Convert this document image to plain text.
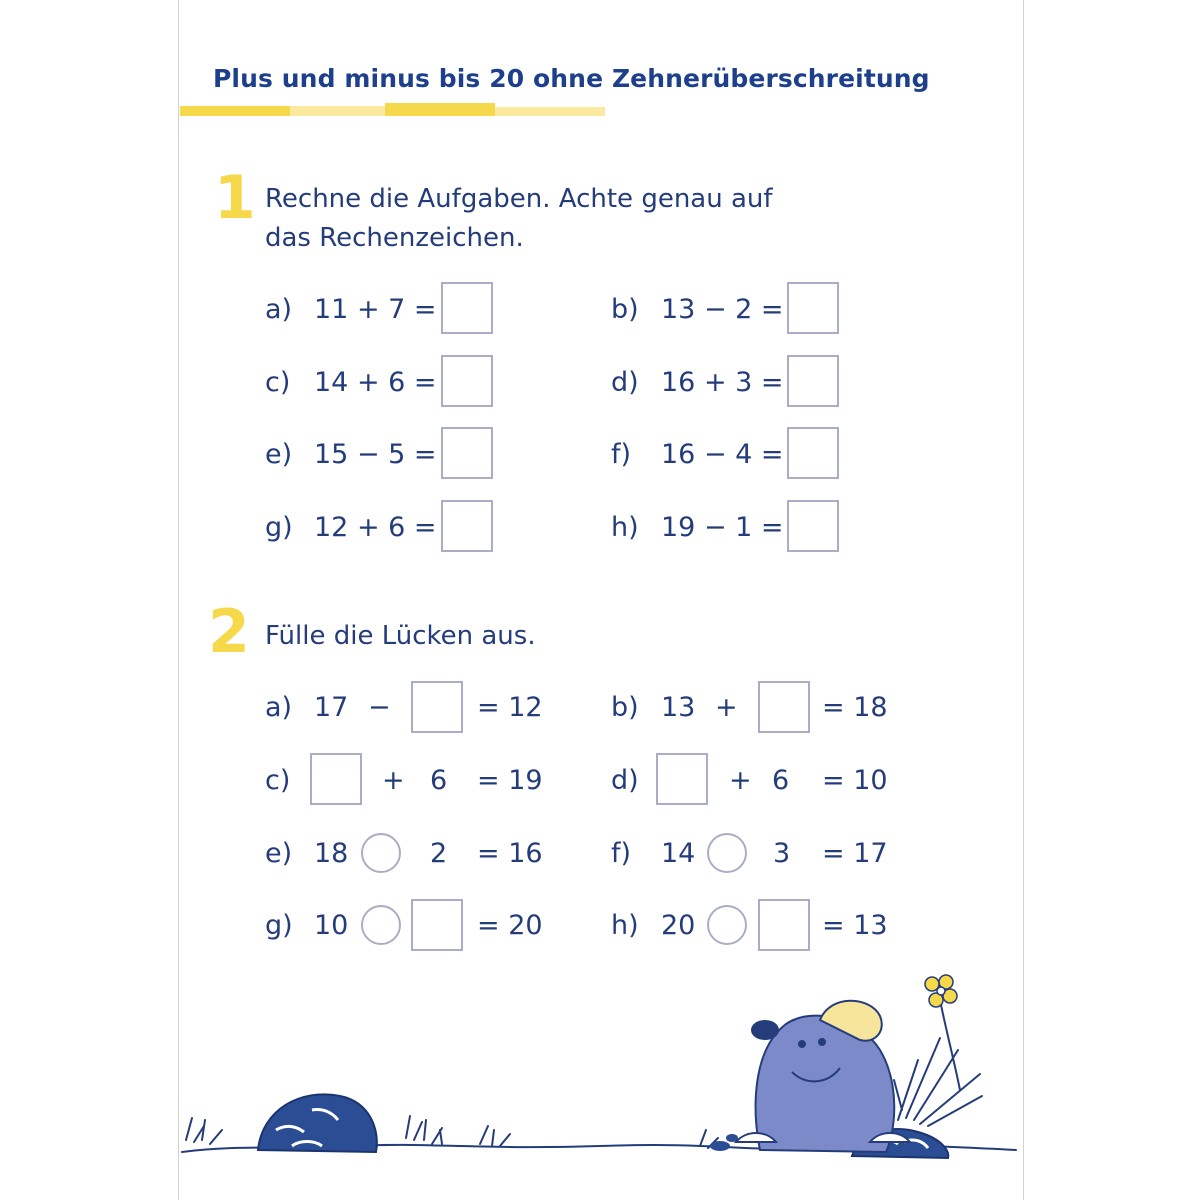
Plus und minus bis 20 ohne Zehnerüberschreitung
1 Rechne die Aufgaben. Achte genau auf
das Rechenzeichen.
a) 11 + 7 =	b) 13 − 2 =
c) 14 + 6 =	d) 16 + 3 =
e) 15 − 5 =	f) 16 − 4 =
g) 12 + 6 =	h) 19 − 1 =
2 Fülle die Lücken aus.
a) 17 −	= 12	b) 13 +	= 18
c)	+ 6 = 19	d)	+ 6 = 10
e) 18	2 = 16	f) 14	3 = 17
g) 10	= 20	h) 20	= 13
